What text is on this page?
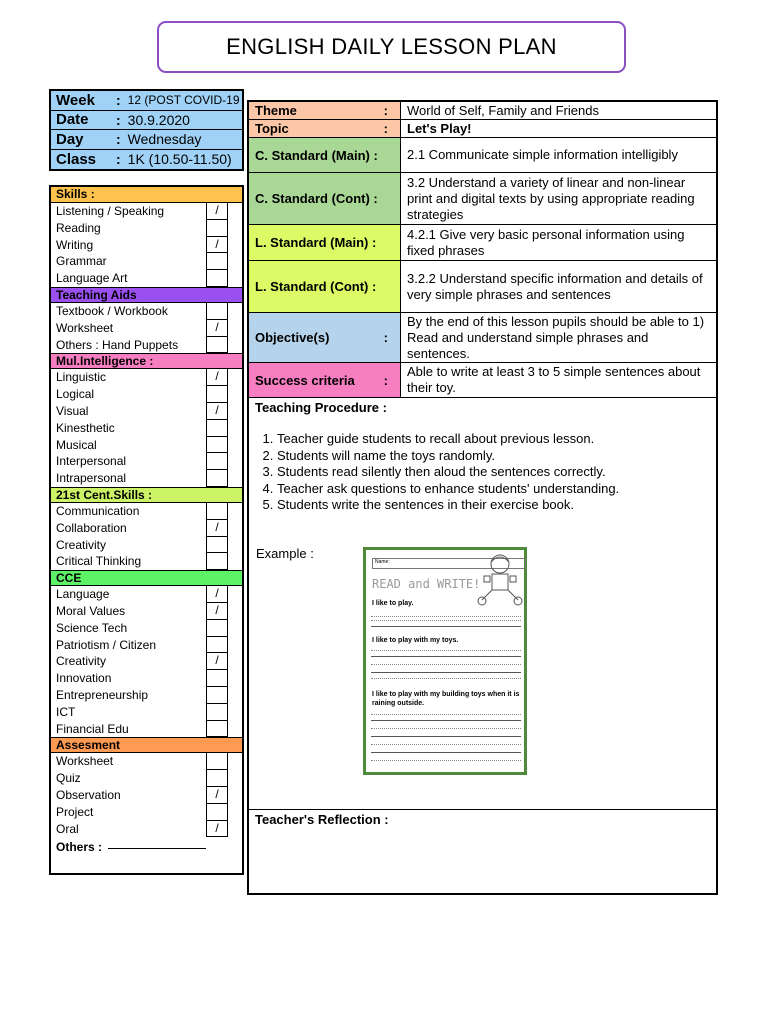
ENGLISH DAILY LESSON PLAN
Week	: 12 (POST COVID-19
Date	: 30.9.2020
Day	: Wednesday
Class	: 1K (10.50-11.50)
Skills :
Listening / Speaking	/
Reading
Writing	/
Grammar
Language Art
Teaching Aids
Textbook / Workbook
Worksheet	/
Others : Hand Puppets
Mul.Intelligence :
Linguistic	/
Logical
Visual	/
Kinesthetic
Musical
Interpersonal
Intrapersonal
21st Cent.Skills :
Communication
Collaboration	/
Creativity
Critical Thinking
CCE
Language	/
Moral Values	/
Science Tech
Patriotism / Citizen
Creativity	/
Innovation
Entrepreneurship
ICT
Financial Edu
Assesment
Worksheet
Quiz
Observation	/
Project
Oral	/
Others :
Theme	:	World of Self, Family and Friends
Topic	:	Let's Play!
C. Standard (Main) :	2.1 Communicate simple information intelligibly
C. Standard (Cont) :
3.2 Understand a variety of linear and non-linear print and digital texts by using appropriate reading strategies
L. Standard (Main) :
4.2.1 Give very basic personal information using fixed phrases
L. Standard (Cont) :
3.2.2 Understand specific information and details of very simple phrases and sentences
Objective(s)	:
By the end of this lesson pupils should be able to 1) Read and understand simple phrases and sentences.
Success criteria :
Able to write at least 3 to 5 simple sentences about their toy.
Teaching Procedure :
1. Teacher guide students to recall about previous lesson.
2. Students will name the toys randomly.
3. Students read silently then aloud the sentences correctly.
4. Teacher ask questions to enhance students' understanding.
5. Students write the sentences in their exercise book.
Example :
Name:
READ and WRITE!
I like to play.
I like to play with my toys.
I like to play with my building toys when it is raining outside.
Teacher's Reflection :
